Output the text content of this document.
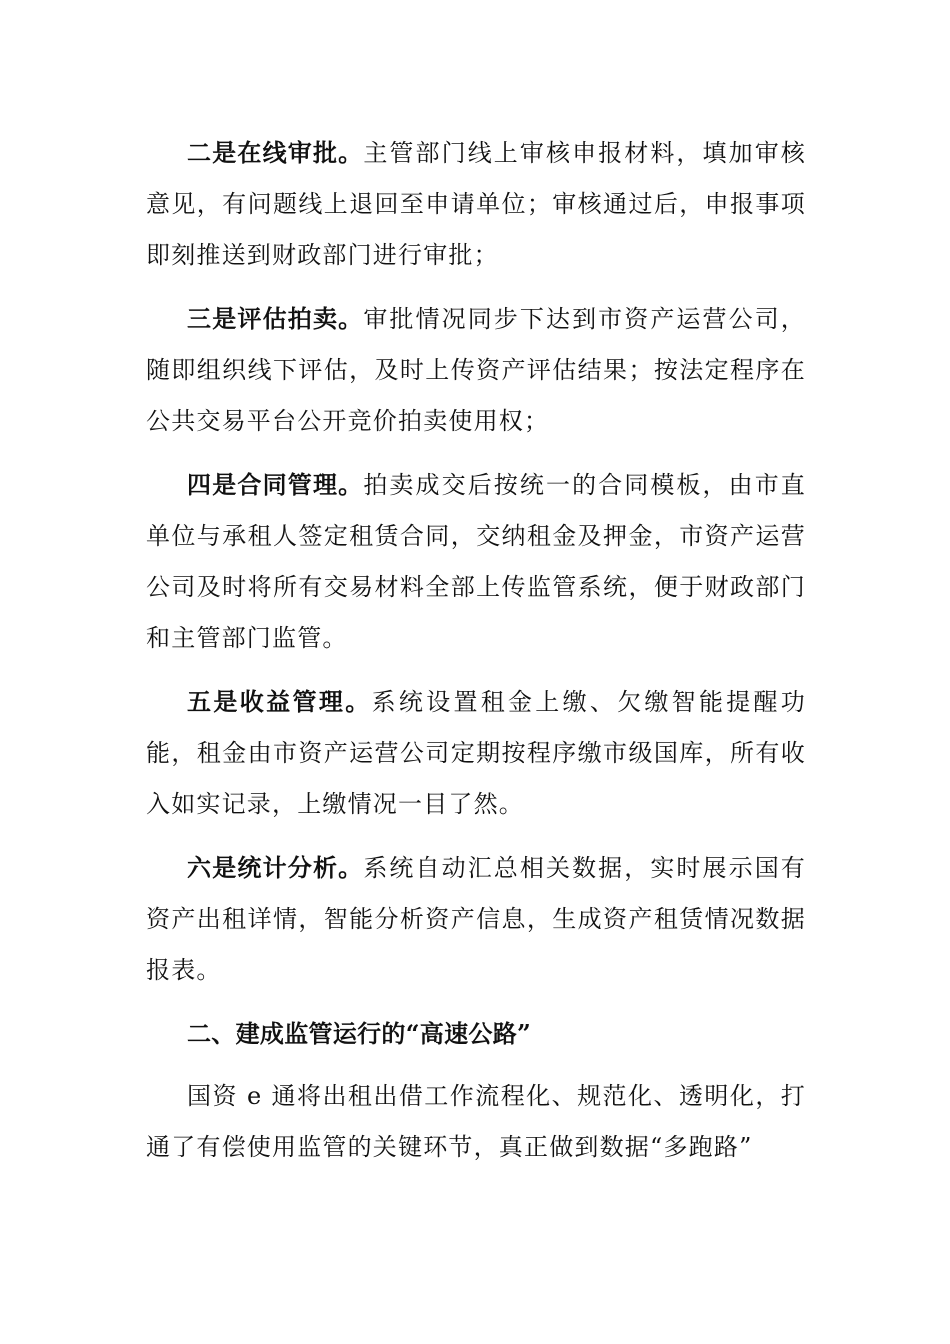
二是在线审批。主管部门线上审核申报材料，填加审核意见，有问题线上退回至申请单位；审核通过后，申报事项即刻推送到财政部门进行审批；

三是评估拍卖。审批情况同步下达到市资产运营公司，随即组织线下评估，及时上传资产评估结果；按法定程序在公共交易平台公开竞价拍卖使用权；

四是合同管理。拍卖成交后按统一的合同模板，由市直单位与承租人签定租赁合同，交纳租金及押金，市资产运营公司及时将所有交易材料全部上传监管系统，便于财政部门和主管部门监管。

五是收益管理。系统设置租金上缴、欠缴智能提醒功能，租金由市资产运营公司定期按程序缴市级国库，所有收入如实记录，上缴情况一目了然。

六是统计分析。系统自动汇总相关数据，实时展示国有资产出租详情，智能分析资产信息，生成资产租赁情况数据报表。

二、建成监管运行的“高速公路”

国资 e 通将出租出借工作流程化、规范化、透明化，打通了有偿使用监管的关键环节，真正做到数据“多跑路”
